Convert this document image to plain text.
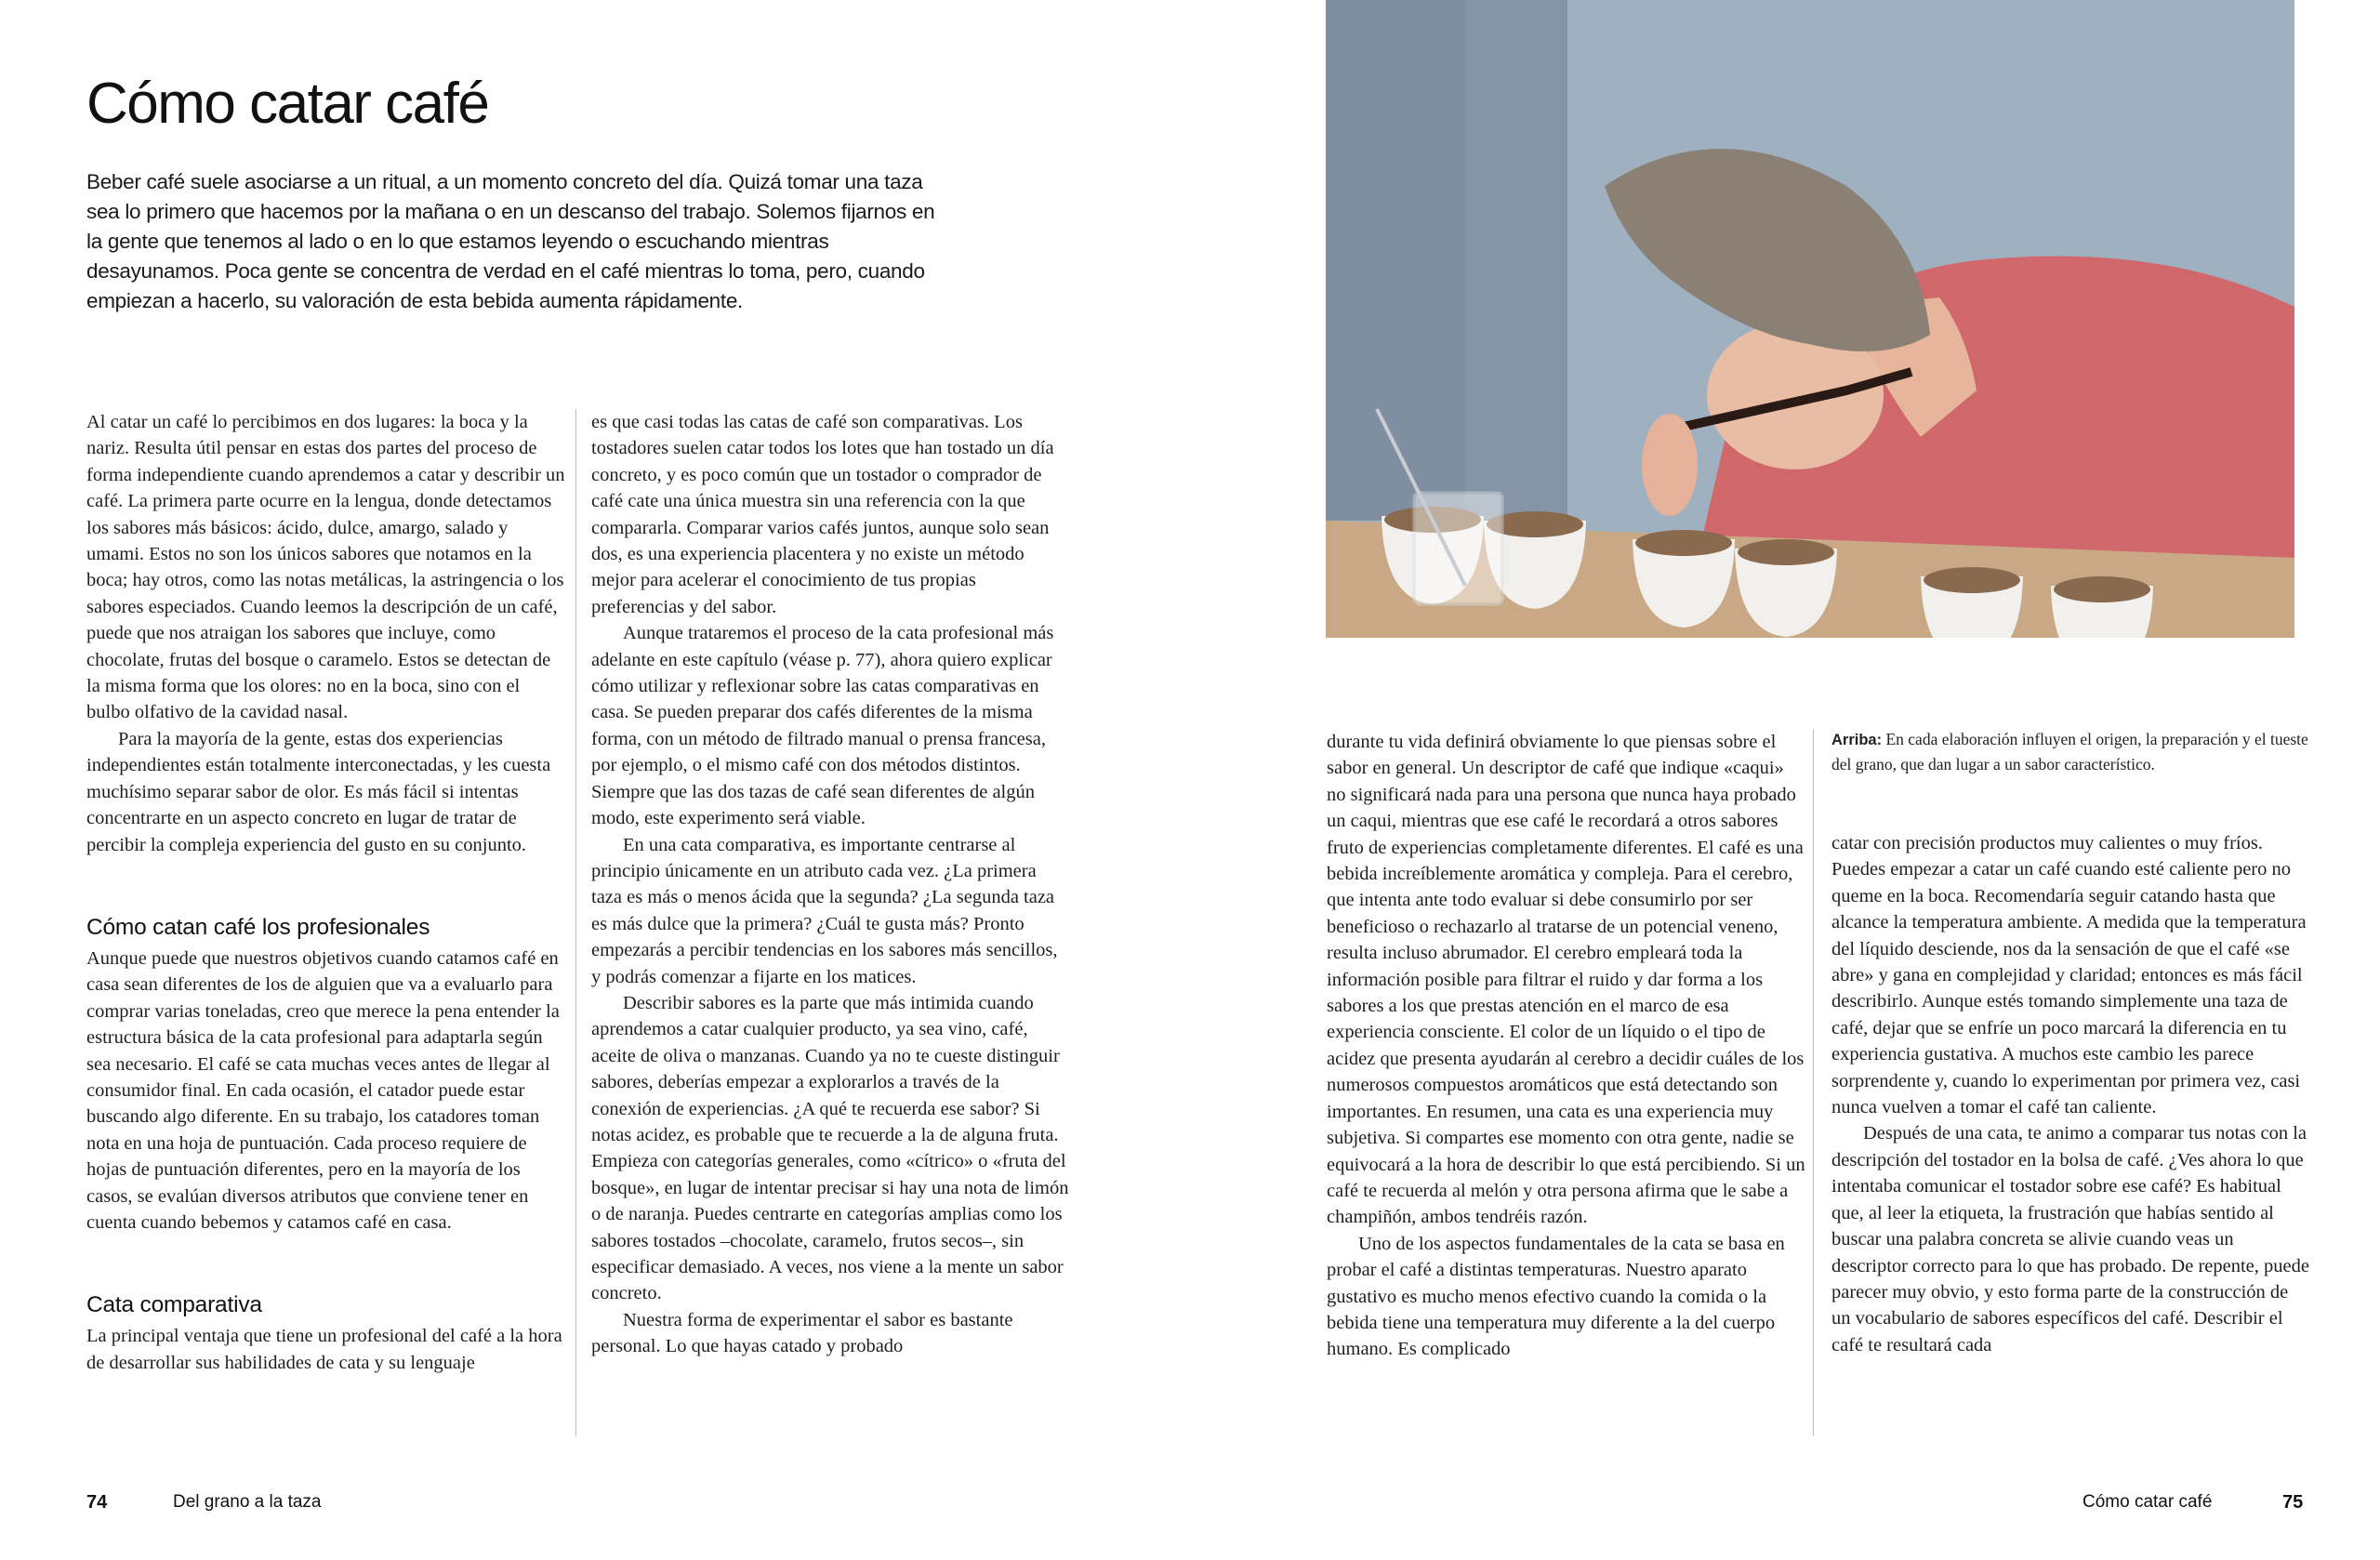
Cómo catar café

Beber café suele asociarse a un ritual, a un momento concreto del día. Quizá tomar una taza sea lo primero que hacemos por la mañana o en un descanso del trabajo. Solemos fijarnos en la gente que tenemos al lado o en lo que estamos leyendo o escuchando mientras desayunamos. Poca gente se concentra de verdad en el café mientras lo toma, pero, cuando empiezan a hacerlo, su valoración de esta bebida aumenta rápidamente.

Al catar un café lo percibimos en dos lugares: la boca y la nariz. Resulta útil pensar en estas dos partes del proceso de forma independiente cuando aprendemos a catar y describir un café. La primera parte ocurre en la lengua, donde detectamos los sabores más básicos: ácido, dulce, amargo, salado y umami. Estos no son los únicos sabores que notamos en la boca; hay otros, como las notas metálicas, la astringencia o los sabores especiados. Cuando leemos la descripción de un café, puede que nos atraigan los sabores que incluye, como chocolate, frutas del bosque o caramelo. Estos se detectan de la misma forma que los olores: no en la boca, sino con el bulbo olfativo de la cavidad nasal.

Para la mayoría de la gente, estas dos experiencias independientes están totalmente interconectadas, y les cuesta muchísimo separar sabor de olor. Es más fácil si intentas concentrarte en un aspecto concreto en lugar de tratar de percibir la compleja experiencia del gusto en su conjunto.

Cómo catan café los profesionales

Aunque puede que nuestros objetivos cuando catamos café en casa sean diferentes de los de alguien que va a evaluarlo para comprar varias toneladas, creo que merece la pena entender la estructura básica de la cata profesional para adaptarla según sea necesario. El café se cata muchas veces antes de llegar al consumidor final. En cada ocasión, el catador puede estar buscando algo diferente. En su trabajo, los catadores toman nota en una hoja de puntuación. Cada proceso requiere de hojas de puntuación diferentes, pero en la mayoría de los casos, se evalúan diversos atributos que conviene tener en cuenta cuando bebemos y catamos café en casa.

Cata comparativa

La principal ventaja que tiene un profesional del café a la hora de desarrollar sus habilidades de cata y su lenguaje

es que casi todas las catas de café son comparativas. Los tostadores suelen catar todos los lotes que han tostado un día concreto, y es poco común que un tostador o comprador de café cate una única muestra sin una referencia con la que compararla. Comparar varios cafés juntos, aunque solo sean dos, es una experiencia placentera y no existe un método mejor para acelerar el conocimiento de tus propias preferencias y del sabor.

Aunque trataremos el proceso de la cata profesional más adelante en este capítulo (véase p. 77), ahora quiero explicar cómo utilizar y reflexionar sobre las catas comparativas en casa. Se pueden preparar dos cafés diferentes de la misma forma, con un método de filtrado manual o prensa francesa, por ejemplo, o el mismo café con dos métodos distintos. Siempre que las dos tazas de café sean diferentes de algún modo, este experimento será viable.

En una cata comparativa, es importante centrarse al principio únicamente en un atributo cada vez. ¿La primera taza es más o menos ácida que la segunda? ¿La segunda taza es más dulce que la primera? ¿Cuál te gusta más? Pronto empezarás a percibir tendencias en los sabores más sencillos, y podrás comenzar a fijarte en los matices.

Describir sabores es la parte que más intimida cuando aprendemos a catar cualquier producto, ya sea vino, café, aceite de oliva o manzanas. Cuando ya no te cueste distinguir sabores, deberías empezar a explorarlos a través de la conexión de experiencias. ¿A qué te recuerda ese sabor? Si notas acidez, es probable que te recuerde a la de alguna fruta. Empieza con categorías generales, como «cítrico» o «fruta del bosque», en lugar de intentar precisar si hay una nota de limón o de naranja. Puedes centrarte en categorías amplias como los sabores tostados –chocolate, caramelo, frutos secos–, sin especificar demasiado. A veces, nos viene a la mente un sabor concreto.

Nuestra forma de experimentar el sabor es bastante personal. Lo que hayas catado y probado

74	Del grano a la taza

Arriba: En cada elaboración influyen el origen, la preparación y el tueste del grano, que dan lugar a un sabor característico.

durante tu vida definirá obviamente lo que piensas sobre el sabor en general. Un descriptor de café que indique «caqui» no significará nada para una persona que nunca haya probado un caqui, mientras que ese café le recordará a otros sabores fruto de experiencias completamente diferentes. El café es una bebida increíblemente aromática y compleja. Para el cerebro, que intenta ante todo evaluar si debe consumirlo por ser beneficioso o rechazarlo al tratarse de un potencial veneno, resulta incluso abrumador. El cerebro empleará toda la información posible para filtrar el ruido y dar forma a los sabores a los que prestas atención en el marco de esa experiencia consciente. El color de un líquido o el tipo de acidez que presenta ayudarán al cerebro a decidir cuáles de los numerosos compuestos aromáticos que está detectando son importantes. En resumen, una cata es una experiencia muy subjetiva. Si compartes ese momento con otra gente, nadie se equivocará a la hora de describir lo que está percibiendo. Si un café te recuerda al melón y otra persona afirma que le sabe a champiñón, ambos tendréis razón.

Uno de los aspectos fundamentales de la cata se basa en probar el café a distintas temperaturas. Nuestro aparato gustativo es mucho menos efectivo cuando la comida o la bebida tiene una temperatura muy diferente a la del cuerpo humano. Es complicado

catar con precisión productos muy calientes o muy fríos. Puedes empezar a catar un café cuando esté caliente pero no queme en la boca. Recomendaría seguir catando hasta que alcance la temperatura ambiente. A medida que la temperatura del líquido desciende, nos da la sensación de que el café «se abre» y gana en complejidad y claridad; entonces es más fácil describirlo. Aunque estés tomando simplemente una taza de café, dejar que se enfríe un poco marcará la diferencia en tu experiencia gustativa. A muchos este cambio les parece sorprendente y, cuando lo experimentan por primera vez, casi nunca vuelven a tomar el café tan caliente.

Después de una cata, te animo a comparar tus notas con la descripción del tostador en la bolsa de café. ¿Ves ahora lo que intentaba comunicar el tostador sobre ese café? Es habitual que, al leer la etiqueta, la frustración que habías sentido al buscar una palabra concreta se alivie cuando veas un descriptor correcto para lo que has probado. De repente, puede parecer muy obvio, y esto forma parte de la construcción de un vocabulario de sabores específicos del café. Describir el café te resultará cada

Cómo catar café	75
